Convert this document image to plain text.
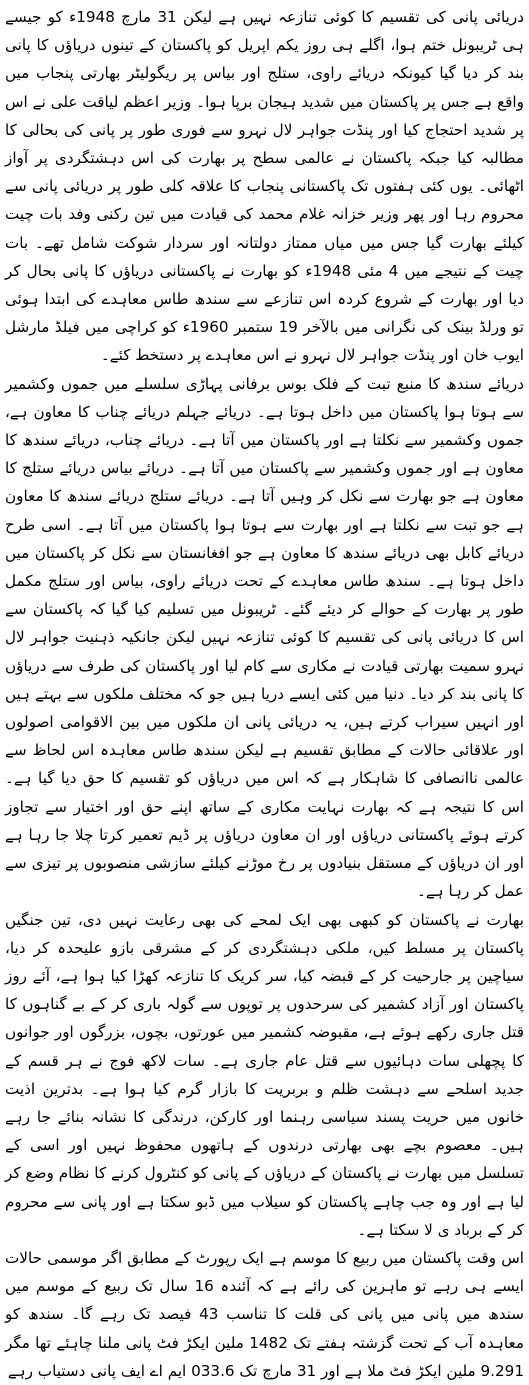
دریائی پانی کی تقسیم کا کوئی تنازعہ نہیں ہے لیکن 31 مارچ 1948ء کو جیسے ہی ٹریبونل ختم ہوا، اگلے ہی روز یکم اپریل کو پاکستان کے تینوں دریاؤں کا پانی بند کر دیا گیا کیونکہ دریائے راوی، ستلج اور بیاس پر ریگولیٹر بھارتی پنجاب میں واقع ہے جس پر پاکستان میں شدید ہیجان برپا ہوا۔ وزیر اعظم لیاقت علی نے اس پر شدید احتجاج کیا اور پنڈت جواہر لال نہرو سے فوری طور پر پانی کی بحالی کا مطالبہ کیا جبکہ پاکستان نے عالمی سطح پر بھارت کی اس دہشتگردی پر آواز اٹھائی۔ یوں کئی ہفتوں تک پاکستانی پنجاب کا علاقہ کلی طور پر دریائی پانی سے محروم رہا اور پھر وزیر خزانہ غلام محمد کی قیادت میں تین رکنی وفد بات چیت کیلئے بھارت گیا جس میں میاں ممتاز دولتانہ اور سردار شوکت شامل تھے۔ بات چیت کے نتیجے میں 4 مئی 1948ء کو بھارت نے پاکستانی دریاؤں کا پانی بحال کر دیا اور بھارت کے شروع کردہ اس تنازعے سے سندھ طاس معاہدے کی ابتدا ہوئی تو ورلڈ بینک کی نگرانی میں بالآخر 19 ستمبر 1960ء کو کراچی میں فیلڈ مارشل ایوب خان اور پنڈت جواہر لال نہرو نے اس معاہدے پر دستخط کئے۔

دریائے سندھ کا منبع تبت کے فلک بوس برفانی پہاڑی سلسلے میں جموں وکشمیر سے ہوتا ہوا پاکستان میں داخل ہوتا ہے۔ دریائے جہلم دریائے چناب کا معاون ہے، جموں وکشمیر سے نکلتا ہے اور پاکستان میں آتا ہے۔ دریائے چناب، دریائے سندھ کا معاون ہے اور جموں وکشمیر سے پاکستان میں آتا ہے۔ دریائے بیاس دریائے ستلج کا معاون ہے جو بھارت سے نکل کر وہیں آتا ہے۔ دریائے ستلج دریائے سندھ کا معاون ہے جو تبت سے نکلتا ہے اور بھارت سے ہوتا ہوا پاکستان میں آتا ہے۔ اسی طرح دریائے کابل بھی دریائے سندھ کا معاون ہے جو افغانستان سے نکل کر پاکستان میں داخل ہوتا ہے۔ سندھ طاس معاہدے کے تحت دریائے راوی، بیاس اور ستلج مکمل طور پر بھارت کے حوالے کر دیئے گئے۔ ٹریبونل میں تسلیم کیا گیا کہ پاکستان سے اس کا دریائی پانی کی تقسیم کا کوئی تنازعہ نہیں لیکن جانکیہ ذہنیت جواہر لال نہرو سمیت بھارتی قیادت نے مکاری سے کام لیا اور پاکستان کی طرف سے دریاؤں کا پانی بند کر دیا۔ دنیا میں کئی ایسے دریا ہیں جو کہ مختلف ملکوں سے بہتے ہیں اور انہیں سیراب کرتے ہیں، یہ دریائی پانی ان ملکوں میں بین الاقوامی اصولوں اور علاقائی حالات کے مطابق تقسیم ہے لیکن سندھ طاس معاہدہ اس لحاظ سے عالمی ناانصافی کا شاہکار ہے کہ اس میں دریاؤں کو تقسیم کا حق دیا گیا ہے۔ اس کا نتیجہ ہے کہ بھارت نہایت مکاری کے ساتھ اپنے حق اور اختیار سے تجاوز کرتے ہوئے پاکستانی دریاؤں اور ان معاون دریاؤں پر ڈیم تعمیر کرتا چلا جا رہا ہے اور ان دریاؤں کے مستقل بنیادوں پر رخ موڑنے کیلئے سازشی منصوبوں پر تیزی سے عمل کر رہا ہے۔

بھارت نے پاکستان کو کبھی بھی ایک لمحے کی بھی رعایت نہیں دی، تین جنگیں پاکستان پر مسلط کیں، ملکی دہشتگردی کر کے مشرقی بازو علیحدہ کر دیا، سیاچین پر جارحیت کر کے قبضہ کیا، سر کریک کا تنازعہ کھڑا کیا ہوا ہے، آئے روز پاکستان اور آزاد کشمیر کی سرحدوں پر توپوں سے گولہ باری کر کے بے گناہوں کا قتل جاری رکھے ہوئے ہے، مقبوضہ کشمیر میں عورتوں، بچوں، بزرگوں اور جوانوں کا پچھلی سات دہائیوں سے قتل عام جاری ہے۔ سات لاکھ فوج نے ہر قسم کے جدید اسلحے سے دہشت ظلم و بربریت کا بازار گرم کیا ہوا ہے۔ بدترین اذیت خانوں میں حریت پسند سیاسی رہنما اور کارکن، درندگی کا نشانہ بنائے جا رہے ہیں۔ معصوم بچے بھی بھارتی درندوں کے ہاتھوں محفوظ نہیں اور اسی کے تسلسل میں بھارت نے پاکستان کے دریاؤں کے پانی کو کنٹرول کرنے کا نظام وضع کر لیا ہے اور وہ جب چاہے پاکستان کو سیلاب میں ڈبو سکتا ہے اور پانی سے محروم کر کے برباد ی لا سکتا ہے۔

اس وقت پاکستان میں ربیع کا موسم ہے ایک رپورٹ کے مطابق اگر موسمی حالات ایسے ہی رہے تو ماہرین کی رائے ہے کہ آئندہ 16 سال تک ربیع کے موسم میں سندھ میں پانی میں پانی کی قلت کا تناسب 43 فیصد تک رہے گا۔ سندھ کو معاہدہ آب کے تحت گزشتہ ہفتے تک 1482 ملین ایکڑ فٹ پانی ملنا چاہئے تھا مگر 9.291 ملین ایکڑ فٹ ملا ہے اور 31 مارچ تک 033.6 ایم اے ایف پانی دستیاب رہے
